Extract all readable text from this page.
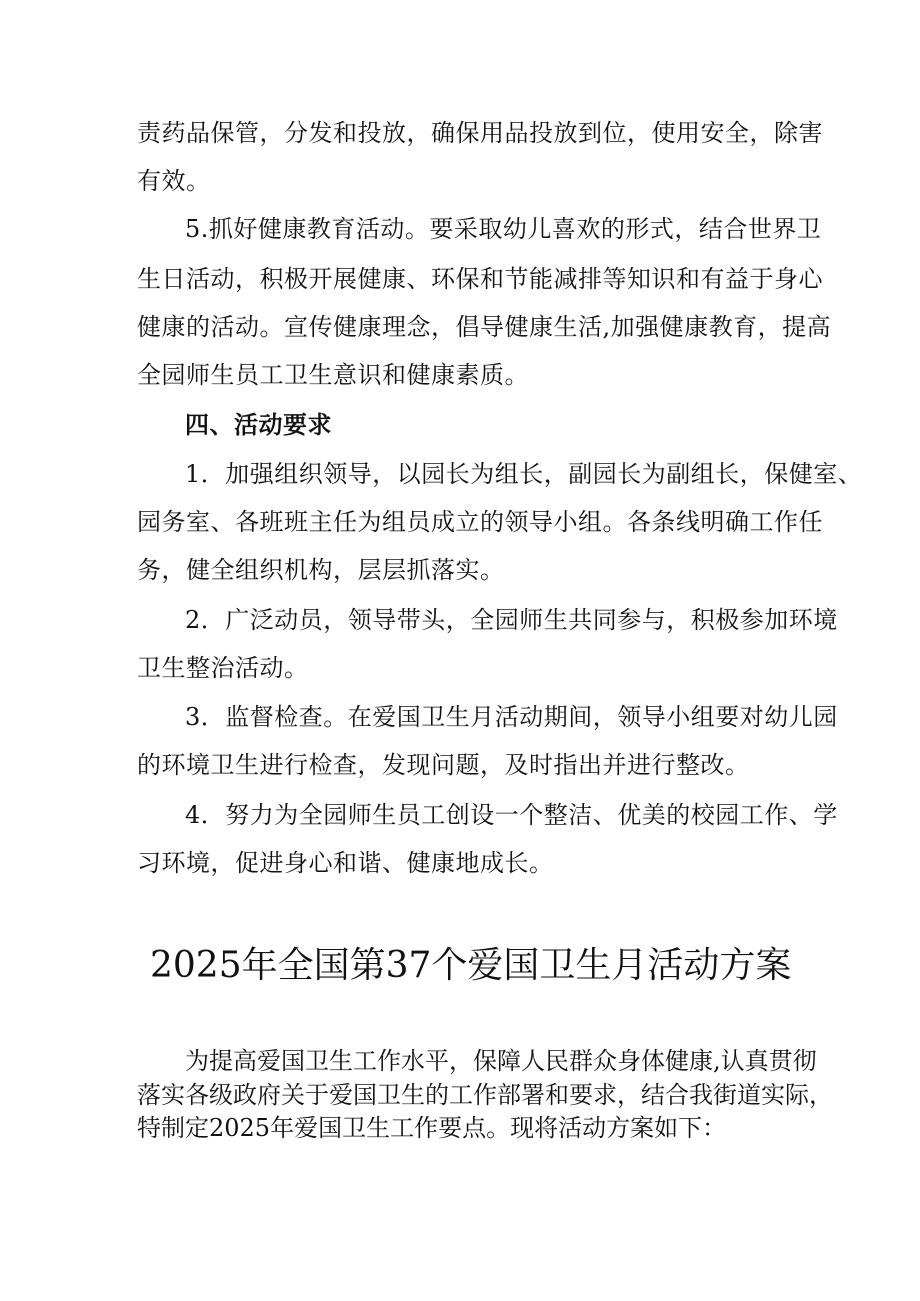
责药品保管，分发和投放，确保用品投放到位，使用安全，除害
有效。
5.抓好健康教育活动。要采取幼儿喜欢的形式，结合世界卫
生日活动，积极开展健康、环保和节能减排等知识和有益于身心
健康的活动。宣传健康理念，倡导健康生活,加强健康教育，提高
全园师生员工卫生意识和健康素质。
四、活动要求
1．加强组织领导，以园长为组长，副园长为副组长，保健室、
园务室、各班班主任为组员成立的领导小组。各条线明确工作任
务，健全组织机构，层层抓落实。
2．广泛动员，领导带头，全园师生共同参与，积极参加环境
卫生整治活动。
3．监督检查。在爱国卫生月活动期间，领导小组要对幼儿园
的环境卫生进行检查，发现问题，及时指出并进行整改。
4．努力为全园师生员工创设一个整洁、优美的校园工作、学
习环境，促进身心和谐、健康地成长。
2025年全国第37个爱国卫生月活动方案
为提高爱国卫生工作水平，保障人民群众身体健康,认真贯彻
落实各级政府关于爱国卫生的工作部署和要求，结合我街道实际，
特制定2025年爱国卫生工作要点。现将活动方案如下：
